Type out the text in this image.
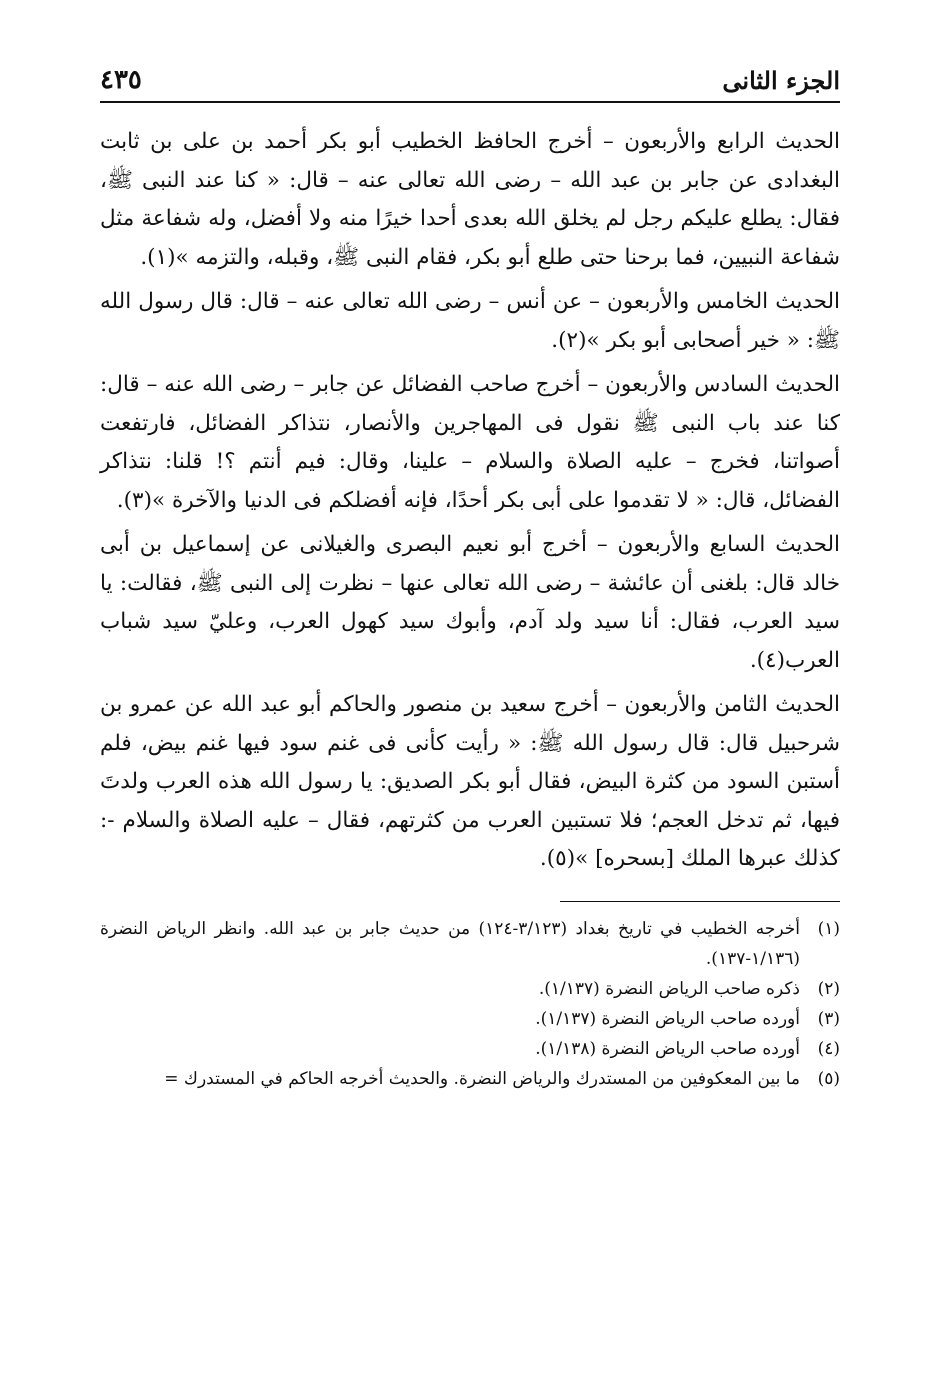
الجزء الثانى
٤٣٥

الحديث الرابع والأربعون – أخرج الحافظ الخطيب أبو بكر أحمد بن على بن ثابت البغدادى عن جابر بن عبد الله – رضى الله تعالى عنه – قال: « كنا عند النبى ﷺ، فقال: يطلع عليكم رجل لم يخلق الله بعدى أحدا خيرًا منه ولا أفضل، وله شفاعة مثل شفاعة النبيين، فما برحنا حتى طلع أبو بكر، فقام النبى ﷺ، وقبله، والتزمه »(١).

الحديث الخامس والأربعون – عن أنس – رضى الله تعالى عنه – قال: قال رسول الله ﷺ: « خير أصحابى أبو بكر »(٢).

الحديث السادس والأربعون – أخرج صاحب الفضائل عن جابر – رضى الله عنه – قال: كنا عند باب النبى ﷺ نقول فى المهاجرين والأنصار، نتذاكر الفضائل، فارتفعت أصواتنا، فخرج – عليه الصلاة والسلام – علينا، وقال: فيم أنتم ؟! قلنا: نتذاكر الفضائل، قال: « لا تقدموا على أبى بكر أحدًا، فإنه أفضلكم فى الدنيا والآخرة »(٣).

الحديث السابع والأربعون – أخرج أبو نعيم البصرى والغيلانى عن إسماعيل بن أبى خالد قال: بلغنى أن عائشة – رضى الله تعالى عنها – نظرت إلى النبى ﷺ، فقالت: يا سيد العرب، فقال: أنا سيد ولد آدم، وأبوك سيد كهول العرب، وعليّ سيد شباب العرب(٤).

الحديث الثامن والأربعون – أخرج سعيد بن منصور والحاكم أبو عبد الله عن عمرو بن شرحبيل قال: قال رسول الله ﷺ: « رأيت كأنى فى غنم سود فيها غنم بيض، فلم أستبن السود من كثرة البيض، فقال أبو بكر الصديق: يا رسول الله هذه العرب ولدتَ فيها، ثم تدخل العجم؛ فلا تستبين العرب من كثرتهم، فقال – عليه الصلاة والسلام -: كذلك عبرها الملك [بسحره] »(٥).

(١)
أخرجه الخطيب في تاريخ بغداد (٣/١٢٣-١٢٤) من حديث جابر بن عبد الله. وانظر الرياض النضرة (١/١٣٦-١٣٧).
(٢)
ذكره صاحب الرياض النضرة (١/١٣٧).
(٣)
أورده صاحب الرياض النضرة (١/١٣٧).
(٤)
أورده صاحب الرياض النضرة (١/١٣٨).
(٥)
ما بين المعكوفين من المستدرك والرياض النضرة. والحديث أخرجه الحاكم في المستدرك =
